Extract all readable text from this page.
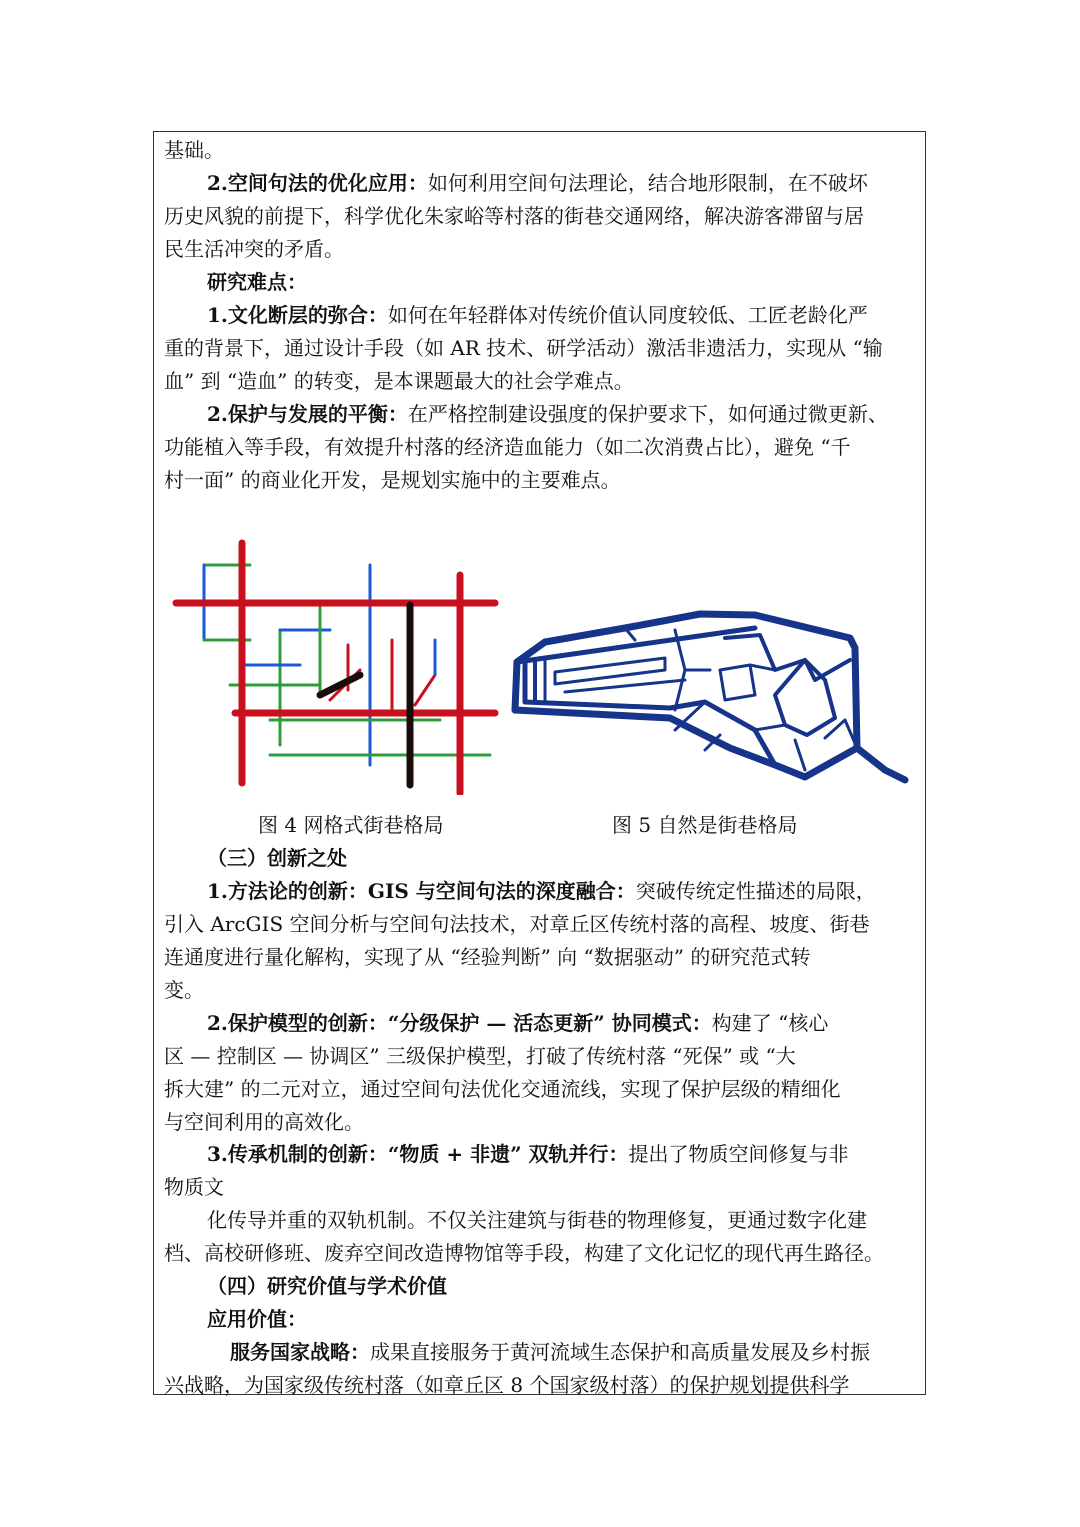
基础。
2.空间句法的优化应用：如何利用空间句法理论，结合地形限制，在不破坏
历史风貌的前提下，科学优化朱家峪等村落的街巷交通网络，解决游客滞留与居
民生活冲突的矛盾。
研究难点：
1.文化断层的弥合：如何在年轻群体对传统价值认同度较低、工匠老龄化严
重的背景下，通过设计手段（如 AR 技术、研学活动）激活非遗活力，实现从 “输
血” 到 “造血” 的转变，是本课题最大的社会学难点。
2.保护与发展的平衡：在严格控制建设强度的保护要求下，如何通过微更新、
功能植入等手段，有效提升村落的经济造血能力（如二次消费占比），避免 “千
村一面” 的商业化开发，是规划实施中的主要难点。
图 4 网格式街巷格局	图 5 自然是街巷格局
（三）创新之处
1.方法论的创新：GIS 与空间句法的深度融合：突破传统定性描述的局限，
引入 ArcGIS 空间分析与空间句法技术，对章丘区传统村落的高程、坡度、街巷
连通度进行量化解构，实现了从 “经验判断” 向 “数据驱动” 的研究范式转
变。
2.保护模型的创新：“分级保护 — 活态更新” 协同模式：构建了 “核心
区 — 控制区 — 协调区” 三级保护模型，打破了传统村落 “死保” 或 “大
拆大建” 的二元对立，通过空间句法优化交通流线，实现了保护层级的精细化
与空间利用的高效化。
3.传承机制的创新：“物质 + 非遗” 双轨并行：提出了物质空间修复与非
物质文
化传导并重的双轨机制。不仅关注建筑与街巷的物理修复，更通过数字化建
档、高校研修班、废弃空间改造博物馆等手段，构建了文化记忆的现代再生路径。
（四）研究价值与学术价值
应用价值：
服务国家战略：成果直接服务于黄河流域生态保护和高质量发展及乡村振
兴战略，为国家级传统村落（如章丘区 8 个国家级村落）的保护规划提供科学
